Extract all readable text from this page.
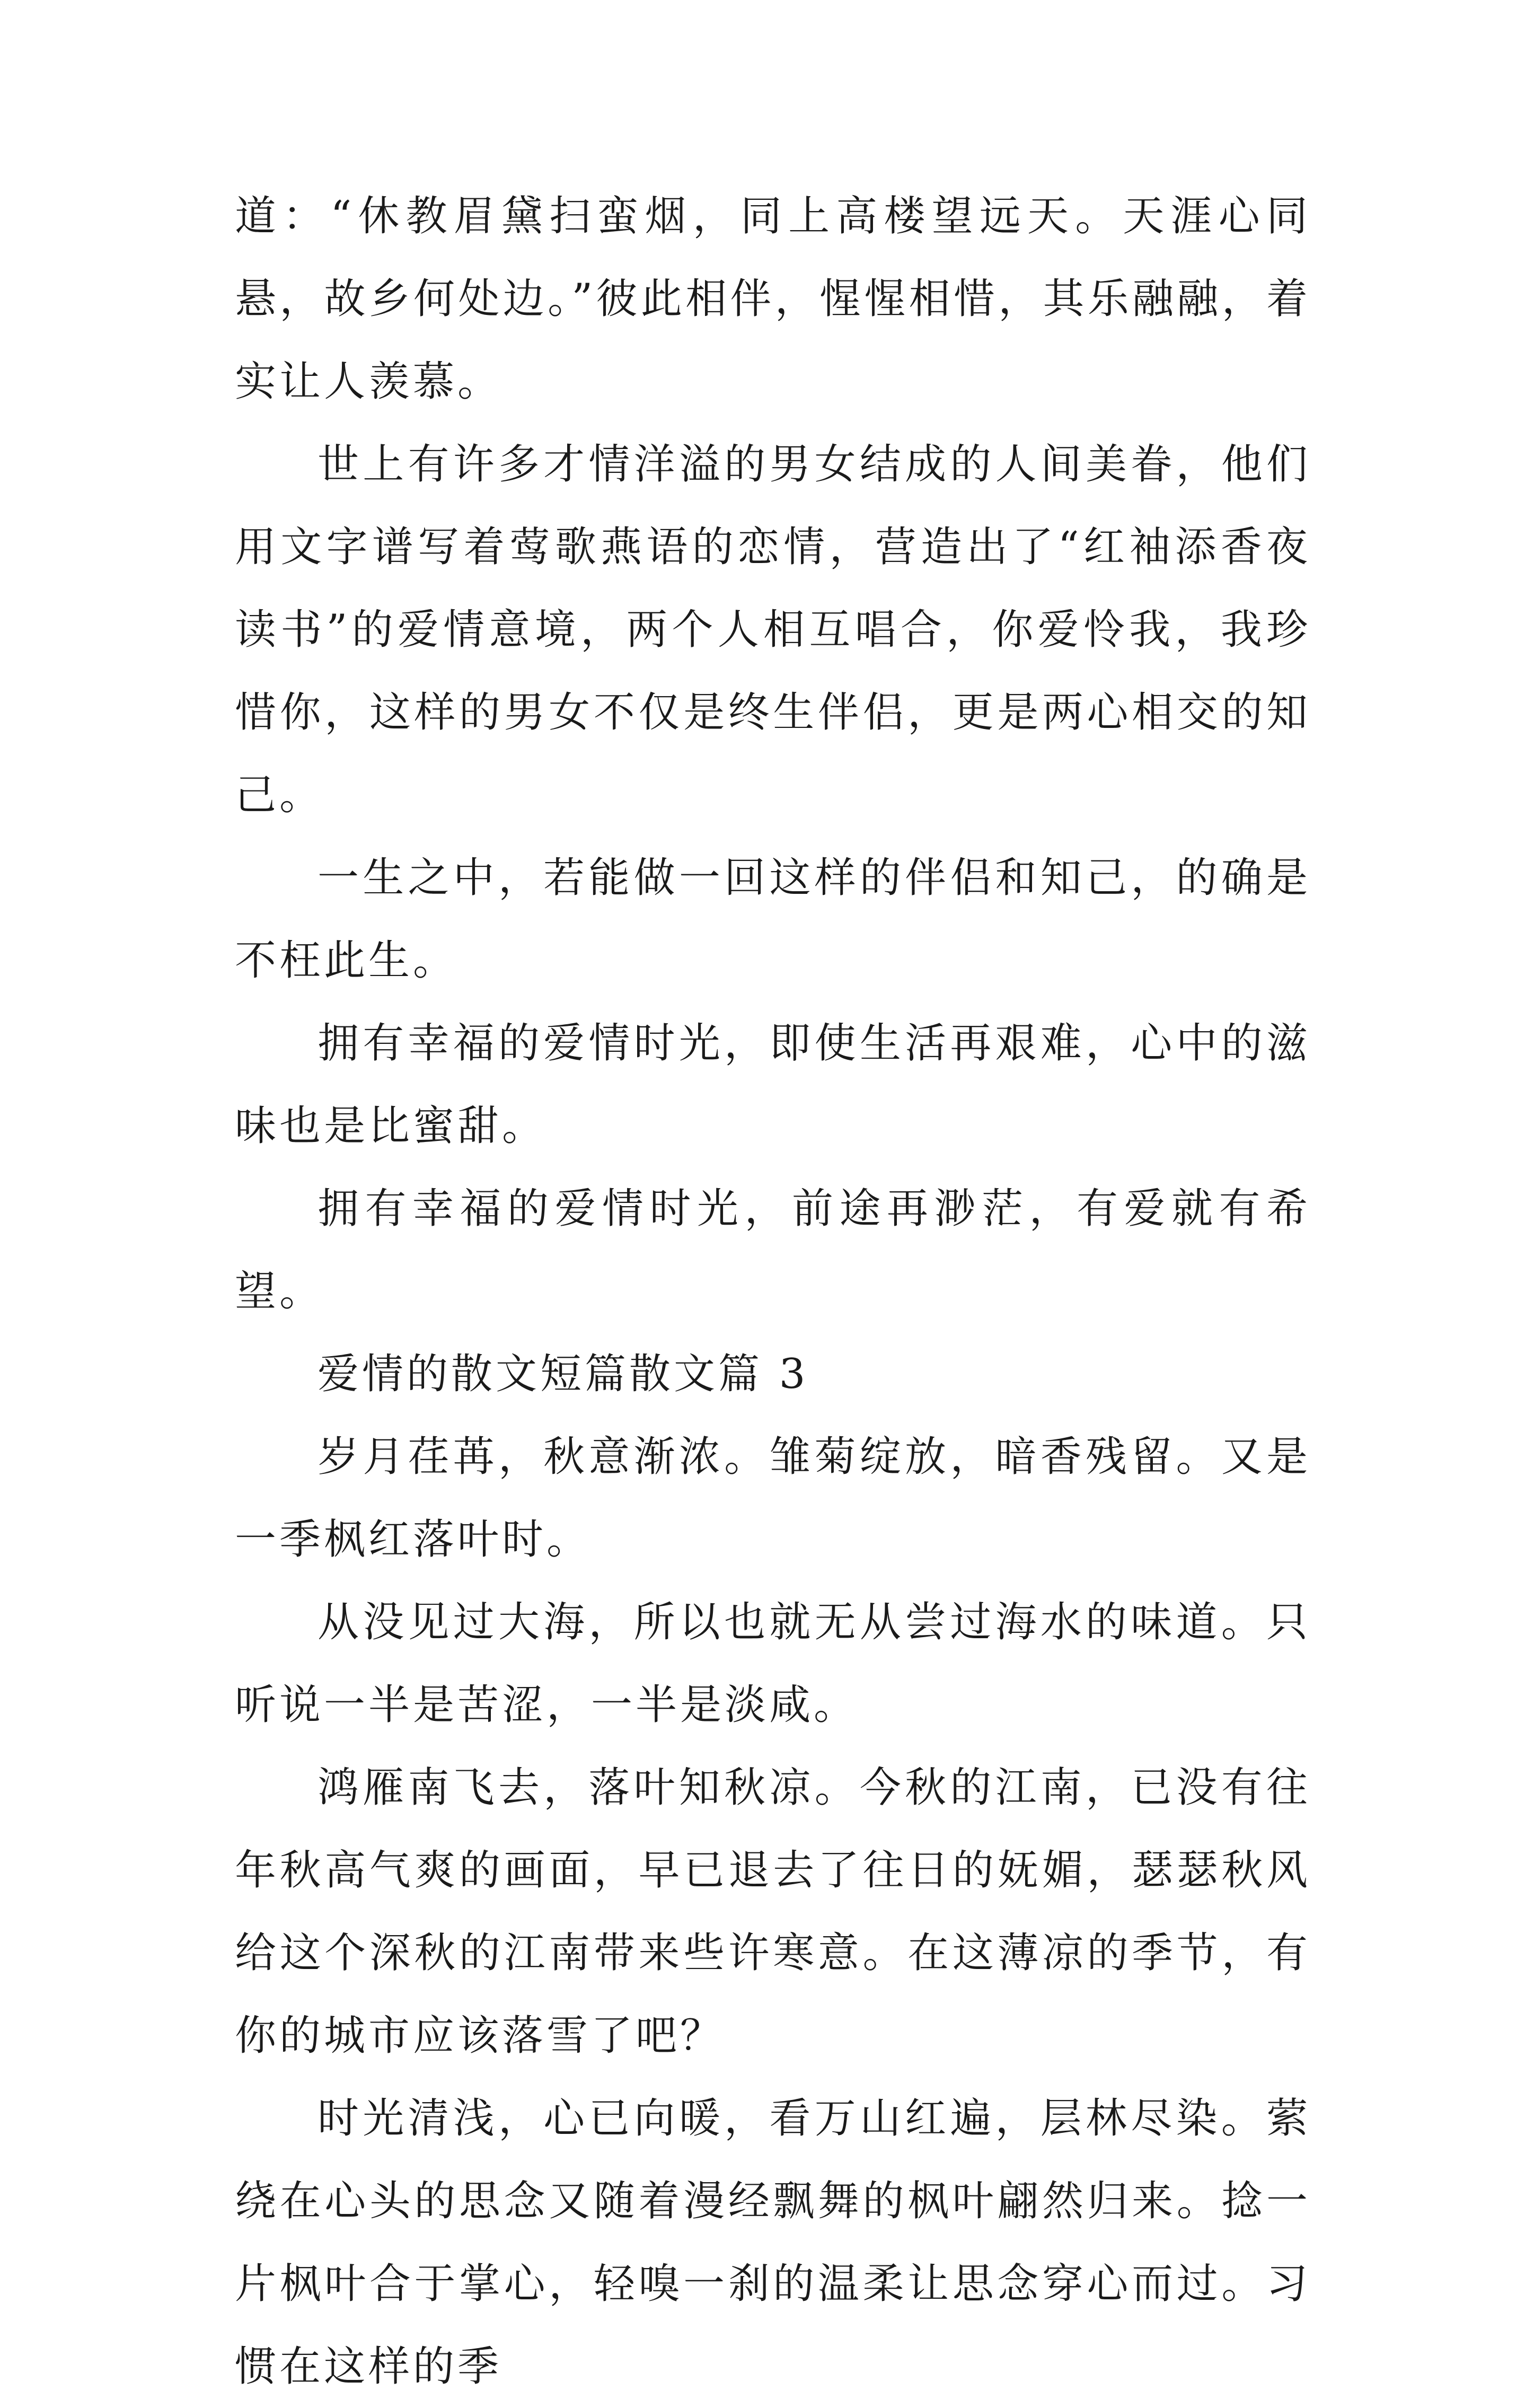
道：“休教眉黛扫蛮烟，同上高楼望远天。天涯心同悬，故乡何处边。”彼此相伴，惺惺相惜，其乐融融，着实让人羡慕。

世上有许多才情洋溢的男女结成的人间美眷，他们用文字谱写着莺歌燕语的恋情，营造出了“红袖添香夜读书”的爱情意境，两个人相互唱合，你爱怜我，我珍惜你，这样的男女不仅是终生伴侣，更是两心相交的知己。

一生之中，若能做一回这样的伴侣和知己，的确是不枉此生。

拥有幸福的爱情时光，即使生活再艰难，心中的滋味也是比蜜甜。

拥有幸福的爱情时光，前途再渺茫，有爱就有希望。

爱情的散文短篇散文篇 3

岁月荏苒，秋意渐浓。雏菊绽放，暗香残留。又是一季枫红落叶时。

从没见过大海，所以也就无从尝过海水的味道。只听说一半是苦涩，一半是淡咸。

鸿雁南飞去，落叶知秋凉。今秋的江南，已没有往年秋高气爽的画面，早已退去了往日的妩媚，瑟瑟秋风给这个深秋的江南带来些许寒意。在这薄凉的季节，有你的城市应该落雪了吧？

时光清浅，心已向暖，看万山红遍，层林尽染。萦绕在心头的思念又随着漫经飘舞的枫叶翩然归来。捻一片枫叶合于掌心，轻嗅一刹的温柔让思念穿心而过。习惯在这样的季
